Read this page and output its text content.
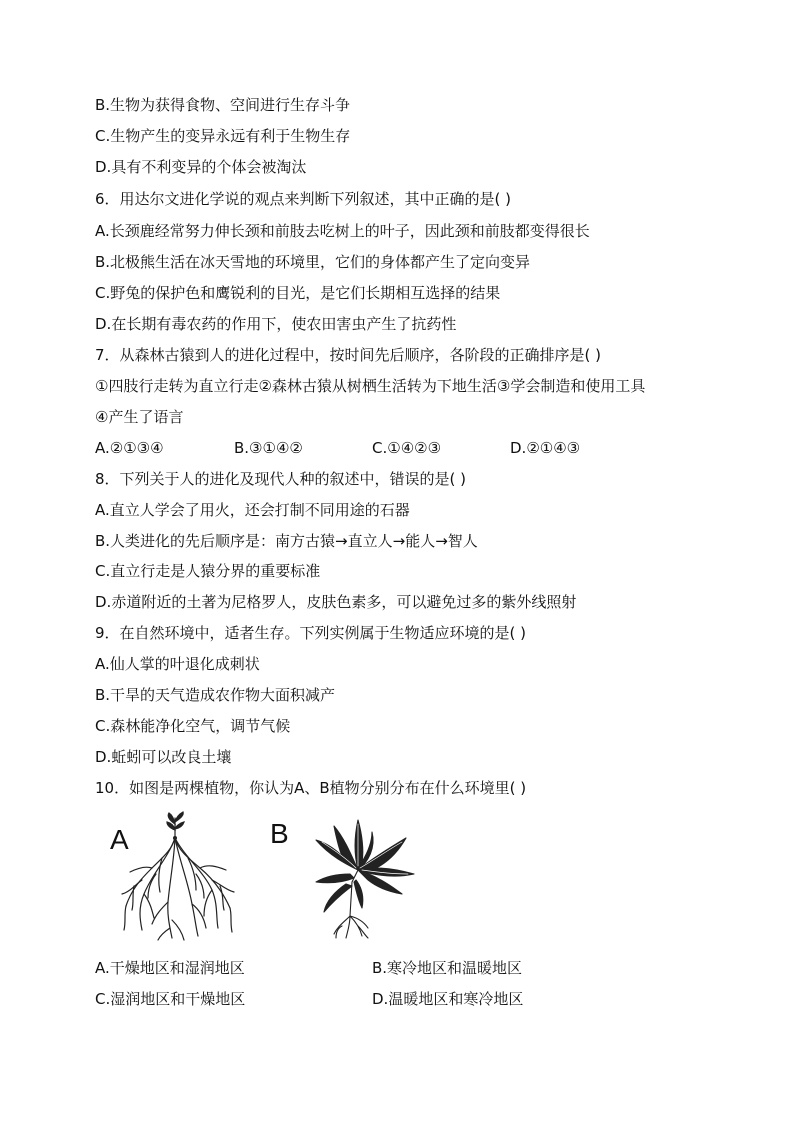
B.生物为获得食物、空间进行生存斗争
C.生物产生的变异永远有利于生物生存
D.具有不利变异的个体会被淘汰
6．用达尔文进化学说的观点来判断下列叙述，其中正确的是( )
A.长颈鹿经常努力伸长颈和前肢去吃树上的叶子，因此颈和前肢都变得很长
B.北极熊生活在冰天雪地的环境里，它们的身体都产生了定向变异
C.野兔的保护色和鹰锐利的目光，是它们长期相互选择的结果
D.在长期有毒农药的作用下，使农田害虫产生了抗药性
7．从森林古猿到人的进化过程中，按时间先后顺序，各阶段的正确排序是( )
①四肢行走转为直立行走②森林古猿从树栖生活转为下地生活③学会制造和使用工具
④产生了语言
A.②①③④	B.③①④②	C.①④②③	D.②①④③
8．下列关于人的进化及现代人种的叙述中，错误的是( )
A.直立人学会了用火，还会打制不同用途的石器
B.人类进化的先后顺序是：南方古猿→直立人→能人→智人
C.直立行走是人猿分界的重要标准
D.赤道附近的土著为尼格罗人，皮肤色素多，可以避免过多的紫外线照射
9．在自然环境中，适者生存。下列实例属于生物适应环境的是( )
A.仙人掌的叶退化成刺状
B.干旱的天气造成农作物大面积减产
C.森林能净化空气，调节气候
D.蚯蚓可以改良土壤
10．如图是两棵植物，你认为A、B植物分别分布在什么环境里( )
A	B
A.干燥地区和湿润地区	B.寒冷地区和温暖地区
C.湿润地区和干燥地区	D.温暖地区和寒冷地区
